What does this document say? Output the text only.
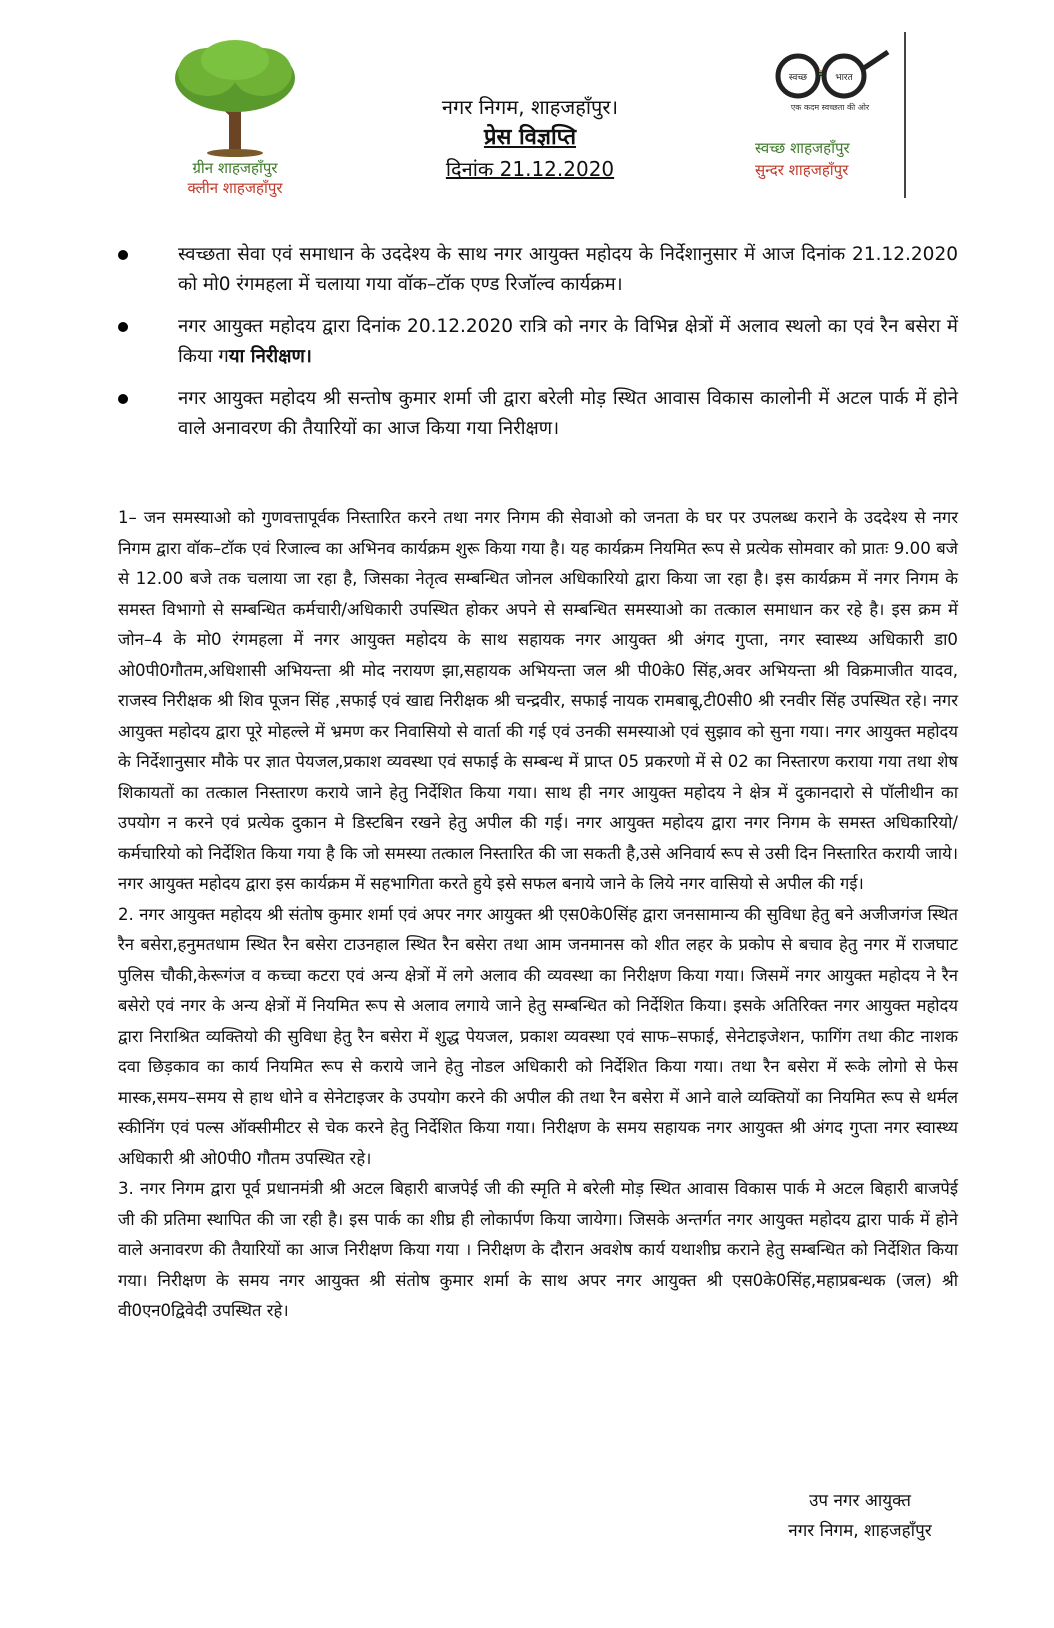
ग्रीन शाहजहाँपुर
क्लीन शाहजहाँपुर
नगर निगम, शाहजहाँपुर।
प्रेस विज्ञप्ति
दिनांक 21.12.2020
स्वच्छ	भारत
एक कदम स्वच्छता की ओर
स्वच्छ शाहजहाँपुर
सुन्दर शाहजहाँपुर
स्वच्छता सेवा एवं समाधान के उददेश्य के साथ नगर आयुक्त महोदय के निर्देशानुसार में आज दिनांक 21.12.2020 को मो0 रंगमहला में चलाया गया वॉक–टॉक एण्ड रिजॉल्व कार्यक्रम।
नगर आयुक्त महोदय द्वारा दिनांक 20.12.2020 रात्रि को नगर के विभिन्न क्षेत्रों में अलाव स्थलो का एवं रैन बसेरा में किया गया निरीक्षण।
नगर आयुक्त महोदय श्री सन्तोष कुमार शर्मा जी द्वारा बरेली मोड़ स्थित आवास विकास कालोनी में अटल पार्क में होने वाले अनावरण की तैयारियों का आज किया गया निरीक्षण।

1– जन समस्याओ को गुणवत्तापूर्वक निस्तारित करने तथा नगर निगम की सेवाओ को जनता के घर पर उपलब्ध कराने के उददेश्य से नगर निगम द्वारा वॉक–टॉक एवं रिजाल्व का अभिनव कार्यक्रम शुरू किया गया है। यह कार्यक्रम नियमित रूप से प्रत्येक सोमवार को प्रातः 9.00 बजे से 12.00 बजे तक चलाया जा रहा है, जिसका नेतृत्व सम्बन्धित जोनल अधिकारियो द्वारा किया जा रहा है। इस कार्यक्रम में नगर निगम के समस्त विभागो से सम्बन्धित कर्मचारी/अधिकारी उपस्थित होकर अपने से सम्बन्धित समस्याओ का तत्काल समाधान कर रहे है। इस क्रम में जोन–4 के मो0 रंगमहला में नगर आयुक्त महोदय के साथ सहायक नगर आयुक्त श्री अंगद गुप्ता, नगर स्वास्थ्य अधिकारी डा0 ओ0पी0गौतम,अधिशासी अभियन्ता श्री मोद नरायण झा,सहायक अभियन्ता जल श्री पी0के0 सिंह,अवर अभियन्ता श्री विक्रमाजीत यादव, राजस्व निरीक्षक श्री शिव पूजन सिंह ,सफाई एवं खाद्य निरीक्षक श्री चन्द्रवीर, सफाई नायक रामबाबू,टी0सी0 श्री रनवीर सिंह उपस्थित रहे। नगर आयुक्त महोदय द्वारा पूरे मोहल्ले में भ्रमण कर निवासियो से वार्ता की गई एवं उनकी समस्याओ एवं सुझाव को सुना गया। नगर आयुक्त महोदय के निर्देशानुसार मौके पर ज्ञात पेयजल,प्रकाश व्यवस्था एवं सफाई के सम्बन्ध में प्राप्त 05 प्रकरणो में से 02 का निस्तारण कराया गया तथा शेष शिकायतों का तत्काल निस्तारण कराये जाने हेतु निर्देशित किया गया। साथ ही नगर आयुक्त महोदय ने क्षेत्र में दुकानदारो से पॉलीथीन का उपयोग न करने एवं प्रत्येक दुकान मे डिस्टबिन रखने हेतु अपील की गई। नगर आयुक्त महोदय द्वारा नगर निगम के समस्त अधिकारियो/कर्मचारियो को निर्देशित किया गया है कि जो समस्या तत्काल निस्तारित की जा सकती है,उसे अनिवार्य रूप से उसी दिन निस्तारित करायी जाये। नगर आयुक्त महोदय द्वारा इस कार्यक्रम में सहभागिता करते हुये इसे सफल बनाये जाने के लिये नगर वासियो से अपील की गई।

2. नगर आयुक्त महोदय श्री संतोष कुमार शर्मा एवं अपर नगर आयुक्त श्री एस0के0सिंह द्वारा जनसामान्य की सुविधा हेतु बने अजीजगंज स्थित रैन बसेरा,हनुमतधाम स्थित रैन बसेरा टाउनहाल स्थित रैन बसेरा तथा आम जनमानस को शीत लहर के प्रकोप से बचाव हेतु नगर में राजघाट पुलिस चौकी,केरूगंज व कच्चा कटरा एवं अन्य क्षेत्रों में लगे अलाव की व्यवस्था का निरीक्षण किया गया। जिसमें नगर आयुक्त महोदय ने रैन बसेरो एवं नगर के अन्य क्षेत्रों में नियमित रूप से अलाव लगाये जाने हेतु सम्बन्धित को निर्देशित किया। इसके अतिरिक्त नगर आयुक्त महोदय द्वारा निराश्रित व्यक्तियो की सुविधा हेतु रैन बसेरा में शुद्ध पेयजल, प्रकाश व्यवस्था एवं साफ–सफाई, सेनेटाइजेशन, फागिंग तथा कीट नाशक दवा छिड़काव का कार्य नियमित रूप से कराये जाने हेतु नोडल अधिकारी को निर्देशित किया गया। तथा रैन बसेरा में रूके लोगो से फेस मास्क,समय–समय से हाथ धोने व सेनेटाइजर के उपयोग करने की अपील की तथा रैन बसेरा में आने वाले व्यक्तियों का नियमित रूप से थर्मल स्कीनिंग एवं पल्स ऑक्सीमीटर से चेक करने हेतु निर्देशित किया गया। निरीक्षण के समय सहायक नगर आयुक्त श्री अंगद गुप्ता नगर स्वास्थ्य अधिकारी श्री ओ0पी0 गौतम उपस्थित रहे।

3. नगर निगम द्वारा पूर्व प्रधानमंत्री श्री अटल बिहारी बाजपेई जी की स्मृति मे बरेली मोड़ स्थित आवास विकास पार्क मे अटल बिहारी बाजपेई जी की प्रतिमा स्थापित की जा रही है। इस पार्क का शीघ्र ही लोकार्पण किया जायेगा। जिसके अन्तर्गत नगर आयुक्त महोदय द्वारा पार्क में होने वाले अनावरण की तैयारियों का आज निरीक्षण किया गया । निरीक्षण के दौरान अवशेष कार्य यथाशीघ्र कराने हेतु सम्बन्धित को निर्देशित किया गया। निरीक्षण के समय नगर आयुक्त श्री संतोष कुमार शर्मा के साथ अपर नगर आयुक्त श्री एस0के0सिंह,महाप्रबन्धक (जल) श्री वी0एन0द्विवेदी उपस्थित रहे।

उप नगर आयुक्त
नगर निगम, शाहजहाँपुर
